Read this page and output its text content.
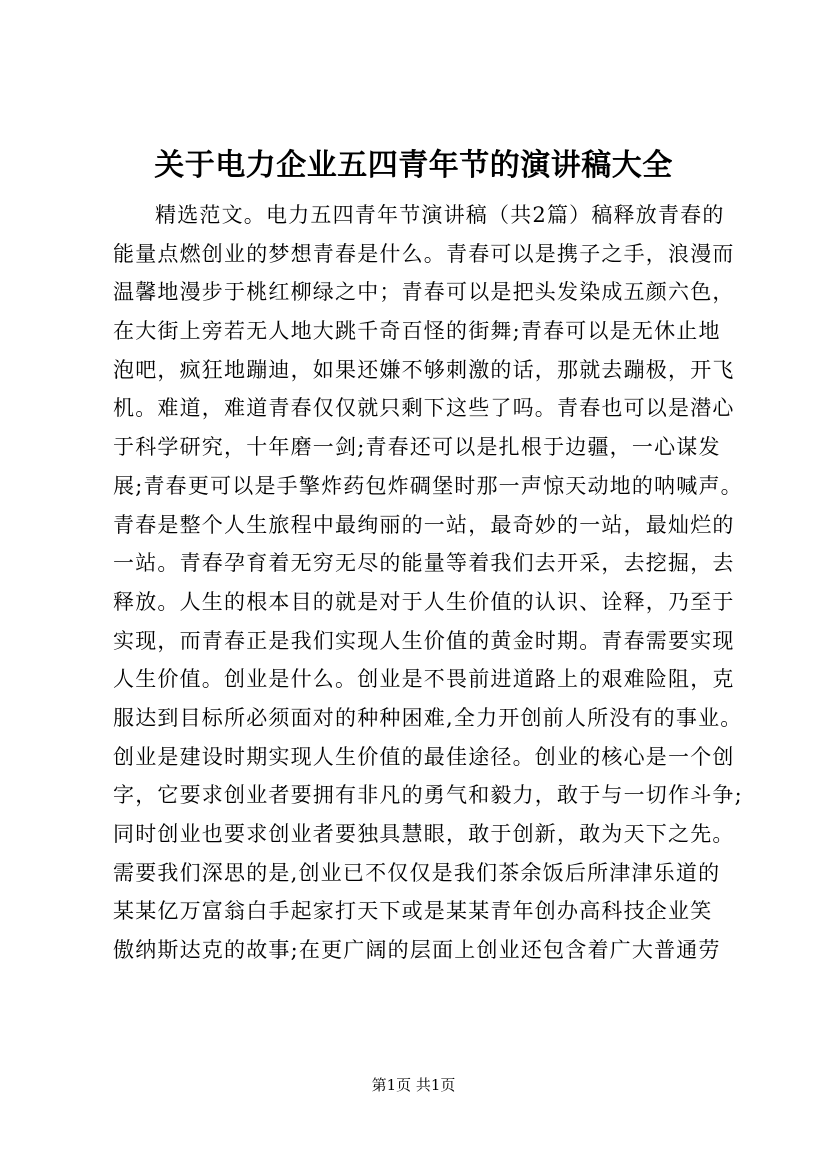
关于电力企业五四青年节的演讲稿大全
精选范文。电力五四青年节演讲稿（共2篇）稿释放青春的
能量点燃创业的梦想青春是什么。青春可以是携子之手，浪漫而
温馨地漫步于桃红柳绿之中；青春可以是把头发染成五颜六色，
在大街上旁若无人地大跳千奇百怪的街舞;青春可以是无休止地
泡吧，疯狂地蹦迪，如果还嫌不够刺激的话，那就去蹦极，开飞
机。难道，难道青春仅仅就只剩下这些了吗。青春也可以是潜心
于科学研究，十年磨一剑;青春还可以是扎根于边疆，一心谋发
展;青春更可以是手擎炸药包炸碉堡时那一声惊天动地的呐喊声。
青春是整个人生旅程中最绚丽的一站，最奇妙的一站，最灿烂的
一站。青春孕育着无穷无尽的能量等着我们去开采，去挖掘，去
释放。人生的根本目的就是对于人生价值的认识、诠释，乃至于
实现，而青春正是我们实现人生价值的黄金时期。青春需要实现
人生价值。创业是什么。创业是不畏前进道路上的艰难险阻，克
服达到目标所必须面对的种种困难,全力开创前人所没有的事业。
创业是建设时期实现人生价值的最佳途径。创业的核心是一个创
字，它要求创业者要拥有非凡的勇气和毅力，敢于与一切作斗争;
同时创业也要求创业者要独具慧眼，敢于创新，敢为天下之先。
需要我们深思的是,创业已不仅仅是我们茶余饭后所津津乐道的
某某亿万富翁白手起家打天下或是某某青年创办高科技企业笑
傲纳斯达克的故事;在更广阔的层面上创业还包含着广大普通劳
第1页 共1页
